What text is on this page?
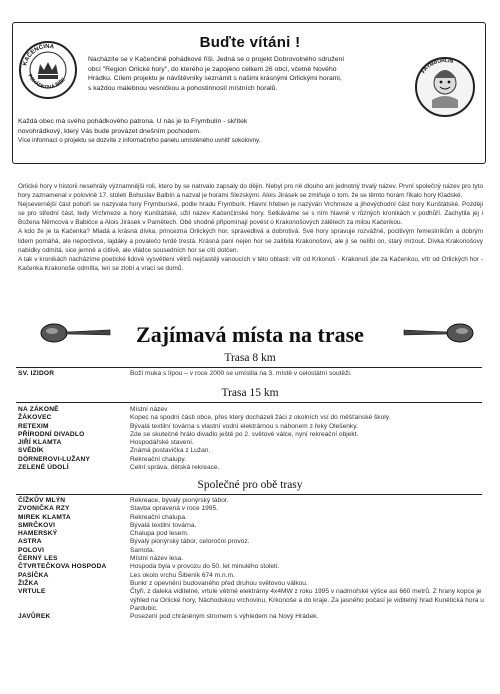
Buďte vítáni !
KAČENČINA
POHÁDKOVÁ ŘÍŠE
FRYMBURLÍN
Nacházíte se v Kačenčině pohádkové říši. Jedná se o projekt Dobrovolného sdružení
obcí "Region Orlické hory", do kterého je zapojeno celkem 26 obcí, včetně Nového
Hrádku. Cílem projektu je návštěvníky seznámit s našimi krásnými Orlickými horami,
s každou malebnou vesničkou a pohostinností místních horalů.
Každá obec má svého pohádkového patrona. U nás je to Frymbulín - skřítek
novohrádkový, který Vás bude provázet dnešním pochodem.
Více informací o projektu se dozvíte z informačního panelu umístěného uvnitř sokolovny.

Orlické hory v historii nesehrály významnější roli, ktero by se natrvalo zapsaly do dějin. Nebyl pro ně dlouho ani jednotný trvalý název. První společný název pro tyto hory zaznamenal v polovině 17. století Bohuslav Balbín a nazval je horami Slezskými. Alois Jirásek se zmiňuje o tom, že se těmto horám říkalo hory Kladské.

Nejsevernější část pohoří se nazývala hory Frymburské, podle hradu Frymburk. Hlavní hřeben je nazýván Vrchmeze a jihovýchodní část hory Kunštátské. Později se pro střední část, tedy Vrchmeze a hory Kunštátské, užil název Kačenčinské hory. Setkáváme se s ním hlavně v různých kronikách v podhůří. Zachytila jej i Božena Němcová v Babičce a Alois Jirásek v Pamětech. Obě shodně připomínají pověst o Krakonošových zálětech za milou Kačenkou.

A kdo že je ta Kačenka? Mladá a krásná dívka, princezna Orlických hor, spravedlivá a dobrotivá. Své hory spravuje rozvážně, pocitivým řemeslníkům a dobrým lidem pomáhá, ale nepoctivce, lajdáky a povalečo tvrdě trestá. Krásná paní nejen hor se zalíbila Krakonošovi, ale jí se nelíbí on, starý mrzout. Dívka Krakonošovy nabídky odmítá, sice jemně a citlivě, ale vládce sousedních hor se cítí dotčen.

A tak v kronikách nacházíme poetické lidové vysvětlení větrů nejčastěji vanoucích v této oblasti: vítr od Krkonoš - Krakonoš jde za Kačenkou, vítr od Orlických hor - Kačenka Krakonoše odmítla, ten se zlobí a vrací se domů.

Zajímavá místa na trase
Trasa 8 km
SV. IZIDOR	Boží muka s lípou – v roce 2000 se umístila na 3. místě v celostátní soutěži.
Trasa 15 km
NA ZÁKONĚ	Místní název
ŽÁKOVEC	Kopec na spodní části obce, přes který docházeli žáci z okolních vsí do měšťanské školy.
RETEXIM	Bývalá textilní továrna s vlastní vodní elektrárnou s náhonem z řeky Olešenky.
PŘÍRODNÍ DIVADLO	Zde se skutečně hrálo divadlo ještě po 2. světové válce, nyní rekreační objekt.
JIŘÍ KLAMTA	Hospodářské stavení.
SVĚDÍK	Známá postavička z Lužan.
DÖRNEROVI-LUŽANY	Rekreační chalupy.
ZELENÉ ÚDOLÍ	Celní správa, dětská rekreace.
Společné pro obě trasy
ČÍŽKŮV MLÝN	Rekreace, bývalý pionýrský tábor.
ZVONIČKA RZY	Stavba opravená v roce 1995.
MIREK KLAMTA	Rekreační chalupa.
SMRČKOVI	Bývalá textilní továrna.
HAMERSKÝ	Chalupa pod lesem.
ASTRA	Bývalý pionýrský tábor, celoroční provoz.
POLOVI	Samota.
ČERNÝ LES	Místní název lesa.
ČTVRTEČKOVA HOSPODA	Hospoda byla v provozu do 50. let minulého století.
PASÍČKA	Les okolo vrchu Šibeník 674 m.n.m.
ŽIŽKA	Bunkr z opevnění budovaného před druhou světovou válkou.
VRTULE	Čtyři, z daleka viditelné, vrtule větrné elektrárny 4x4MW z roku 1995 v nadmořské výšce asi 660 metrů. Z hrany kopce je výhled na Orlické hory, Náchodskou vrchovinu, Krkonoše a do kraje. Za jasného počasí je viditelný hrad Kunětická hora u Pardubic.
JAVŮREK	Posezení pod chráněným stromem s výhledem na Nový Hrádek.
